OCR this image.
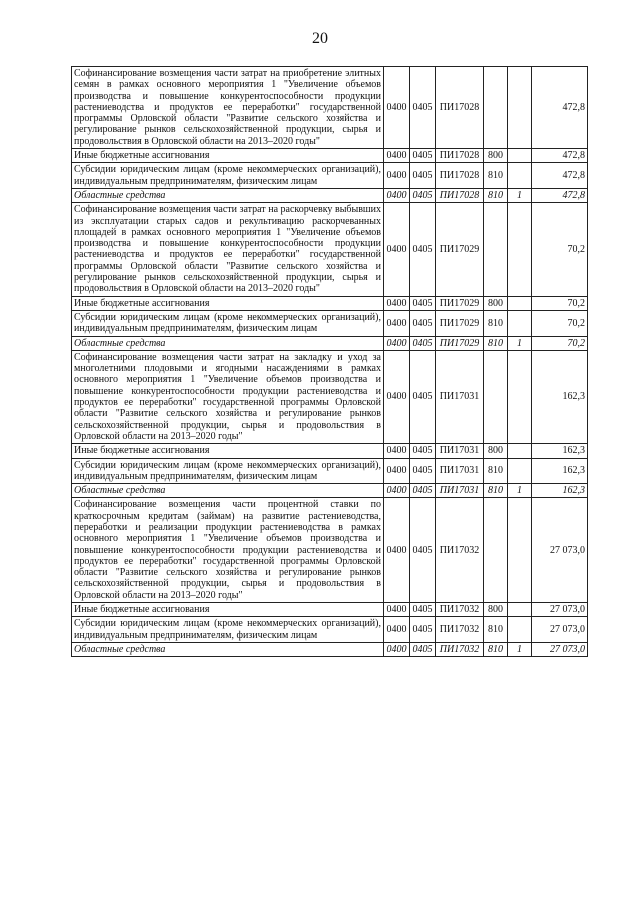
20
Софинансирование возмещения части затрат на приобретение элитных семян в рамках основного мероприятия 1 "Увеличение объемов производства и повышение конкурентоспособности продукции растениеводства и продуктов ее переработки" государственной программы Орловской области "Развитие сельского хозяйства и регулирование рынков сельскохозяйственной продукции, сырья и продовольствия в Орловской области на 2013–2020 годы"	0400	0405	ПИ17028			472,8
Иные бюджетные ассигнования	0400	0405	ПИ17028	800		472,8
Субсидии юридическим лицам (кроме некоммерческих организаций), индивидуальным предпринимателям, физическим лицам	0400	0405	ПИ17028	810		472,8
Областные средства	0400	0405	ПИ17028	810	1	472,8
Софинансирование возмещения части затрат на раскорчевку выбывших из эксплуатации старых садов и рекультивацию раскорчеванных площадей в рамках основного мероприятия 1 "Увеличение объемов производства и повышение конкурентоспособности продукции растениеводства и продуктов ее переработки" государственной программы Орловской области "Развитие сельского хозяйства и регулирование рынков сельскохозяйственной продукции, сырья и продовольствия в Орловской области на 2013–2020 годы"	0400	0405	ПИ17029			70,2
Иные бюджетные ассигнования	0400	0405	ПИ17029	800		70,2
Субсидии юридическим лицам (кроме некоммерческих организаций), индивидуальным предпринимателям, физическим лицам	0400	0405	ПИ17029	810		70,2
Областные средства	0400	0405	ПИ17029	810	1	70,2
Софинансирование возмещения части затрат на закладку и уход за многолетними плодовыми и ягодными насаждениями в рамках основного мероприятия 1 "Увеличение объемов производства и повышение конкурентоспособности продукции растениеводства и продуктов ее переработки" государственной программы Орловской области "Развитие сельского хозяйства и регулирование рынков сельскохозяйственной продукции, сырья и продовольствия в Орловской области на 2013–2020 годы"	0400	0405	ПИ17031			162,3
Иные бюджетные ассигнования	0400	0405	ПИ17031	800		162,3
Субсидии юридическим лицам (кроме некоммерческих организаций), индивидуальным предпринимателям, физическим лицам	0400	0405	ПИ17031	810		162,3
Областные средства	0400	0405	ПИ17031	810	1	162,3
Софинансирование возмещения части процентной ставки по краткосрочным кредитам (займам) на развитие растениеводства, переработки и реализации продукции растениеводства в рамках основного мероприятия 1 "Увеличение объемов производства и повышение конкурентоспособности продукции растениеводства и продуктов ее переработки" государственной программы Орловской области "Развитие сельского хозяйства и регулирование рынков сельскохозяйственной продукции, сырья и продовольствия в Орловской области на 2013–2020 годы"	0400	0405	ПИ17032			27 073,0
Иные бюджетные ассигнования	0400	0405	ПИ17032	800		27 073,0
Субсидии юридическим лицам (кроме некоммерческих организаций), индивидуальным предпринимателям, физическим лицам	0400	0405	ПИ17032	810		27 073,0
Областные средства	0400	0405	ПИ17032	810	1	27 073,0
